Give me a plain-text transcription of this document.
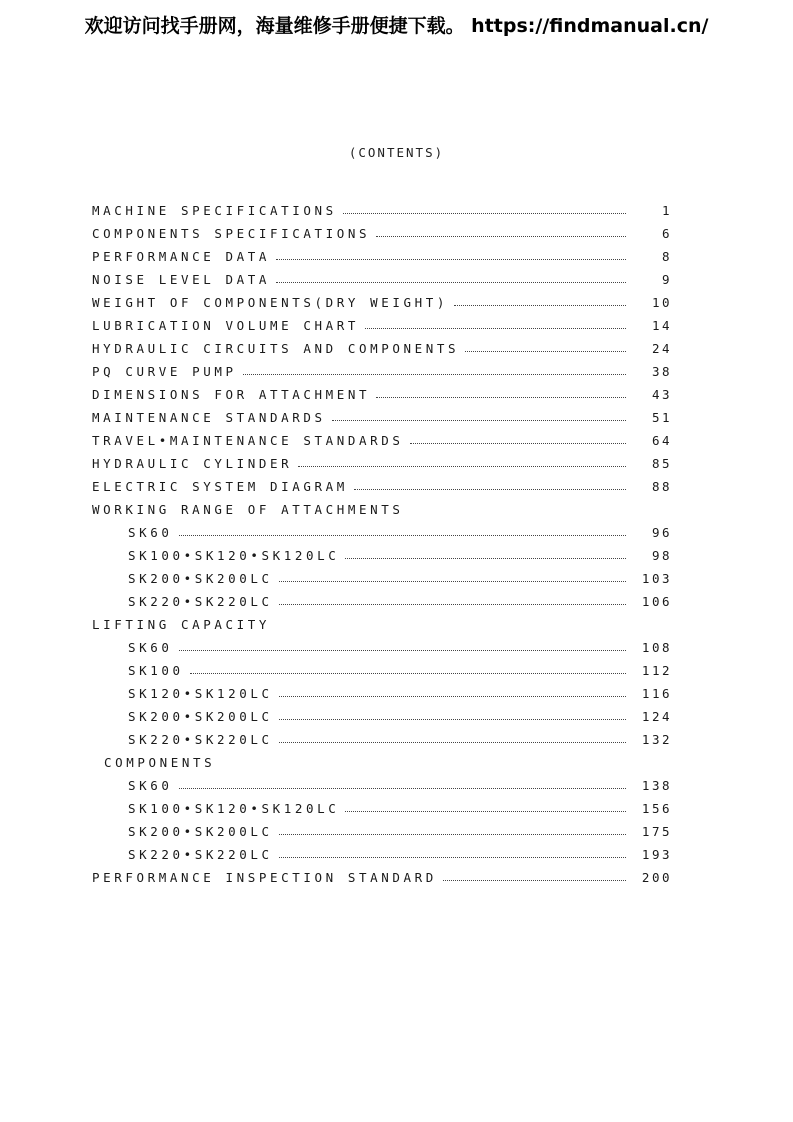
欢迎访问找手册网，海量维修手册便捷下载。 https://findmanual.cn/
(CONTENTS)
MACHINE SPECIFICATIONS	1
COMPONENTS SPECIFICATIONS	6
PERFORMANCE DATA	8
NOISE LEVEL DATA	9
WEIGHT OF COMPONENTS(DRY WEIGHT)	10
LUBRICATION VOLUME CHART	14
HYDRAULIC CIRCUITS AND COMPONENTS	24
PQ CURVE PUMP	38
DIMENSIONS FOR ATTACHMENT	43
MAINTENANCE STANDARDS	51
TRAVEL•MAINTENANCE STANDARDS	64
HYDRAULIC CYLINDER	85
ELECTRIC SYSTEM DIAGRAM	88
WORKING RANGE OF ATTACHMENTS
SK60	96
SK100•SK120•SK120LC	98
SK200•SK200LC	103
SK220•SK220LC	106
LIFTING CAPACITY
SK60	108
SK100	112
SK120•SK120LC	116
SK200•SK200LC	124
SK220•SK220LC	132
COMPONENTS
SK60	138
SK100•SK120•SK120LC	156
SK200•SK200LC	175
SK220•SK220LC	193
PERFORMANCE INSPECTION STANDARD	200
